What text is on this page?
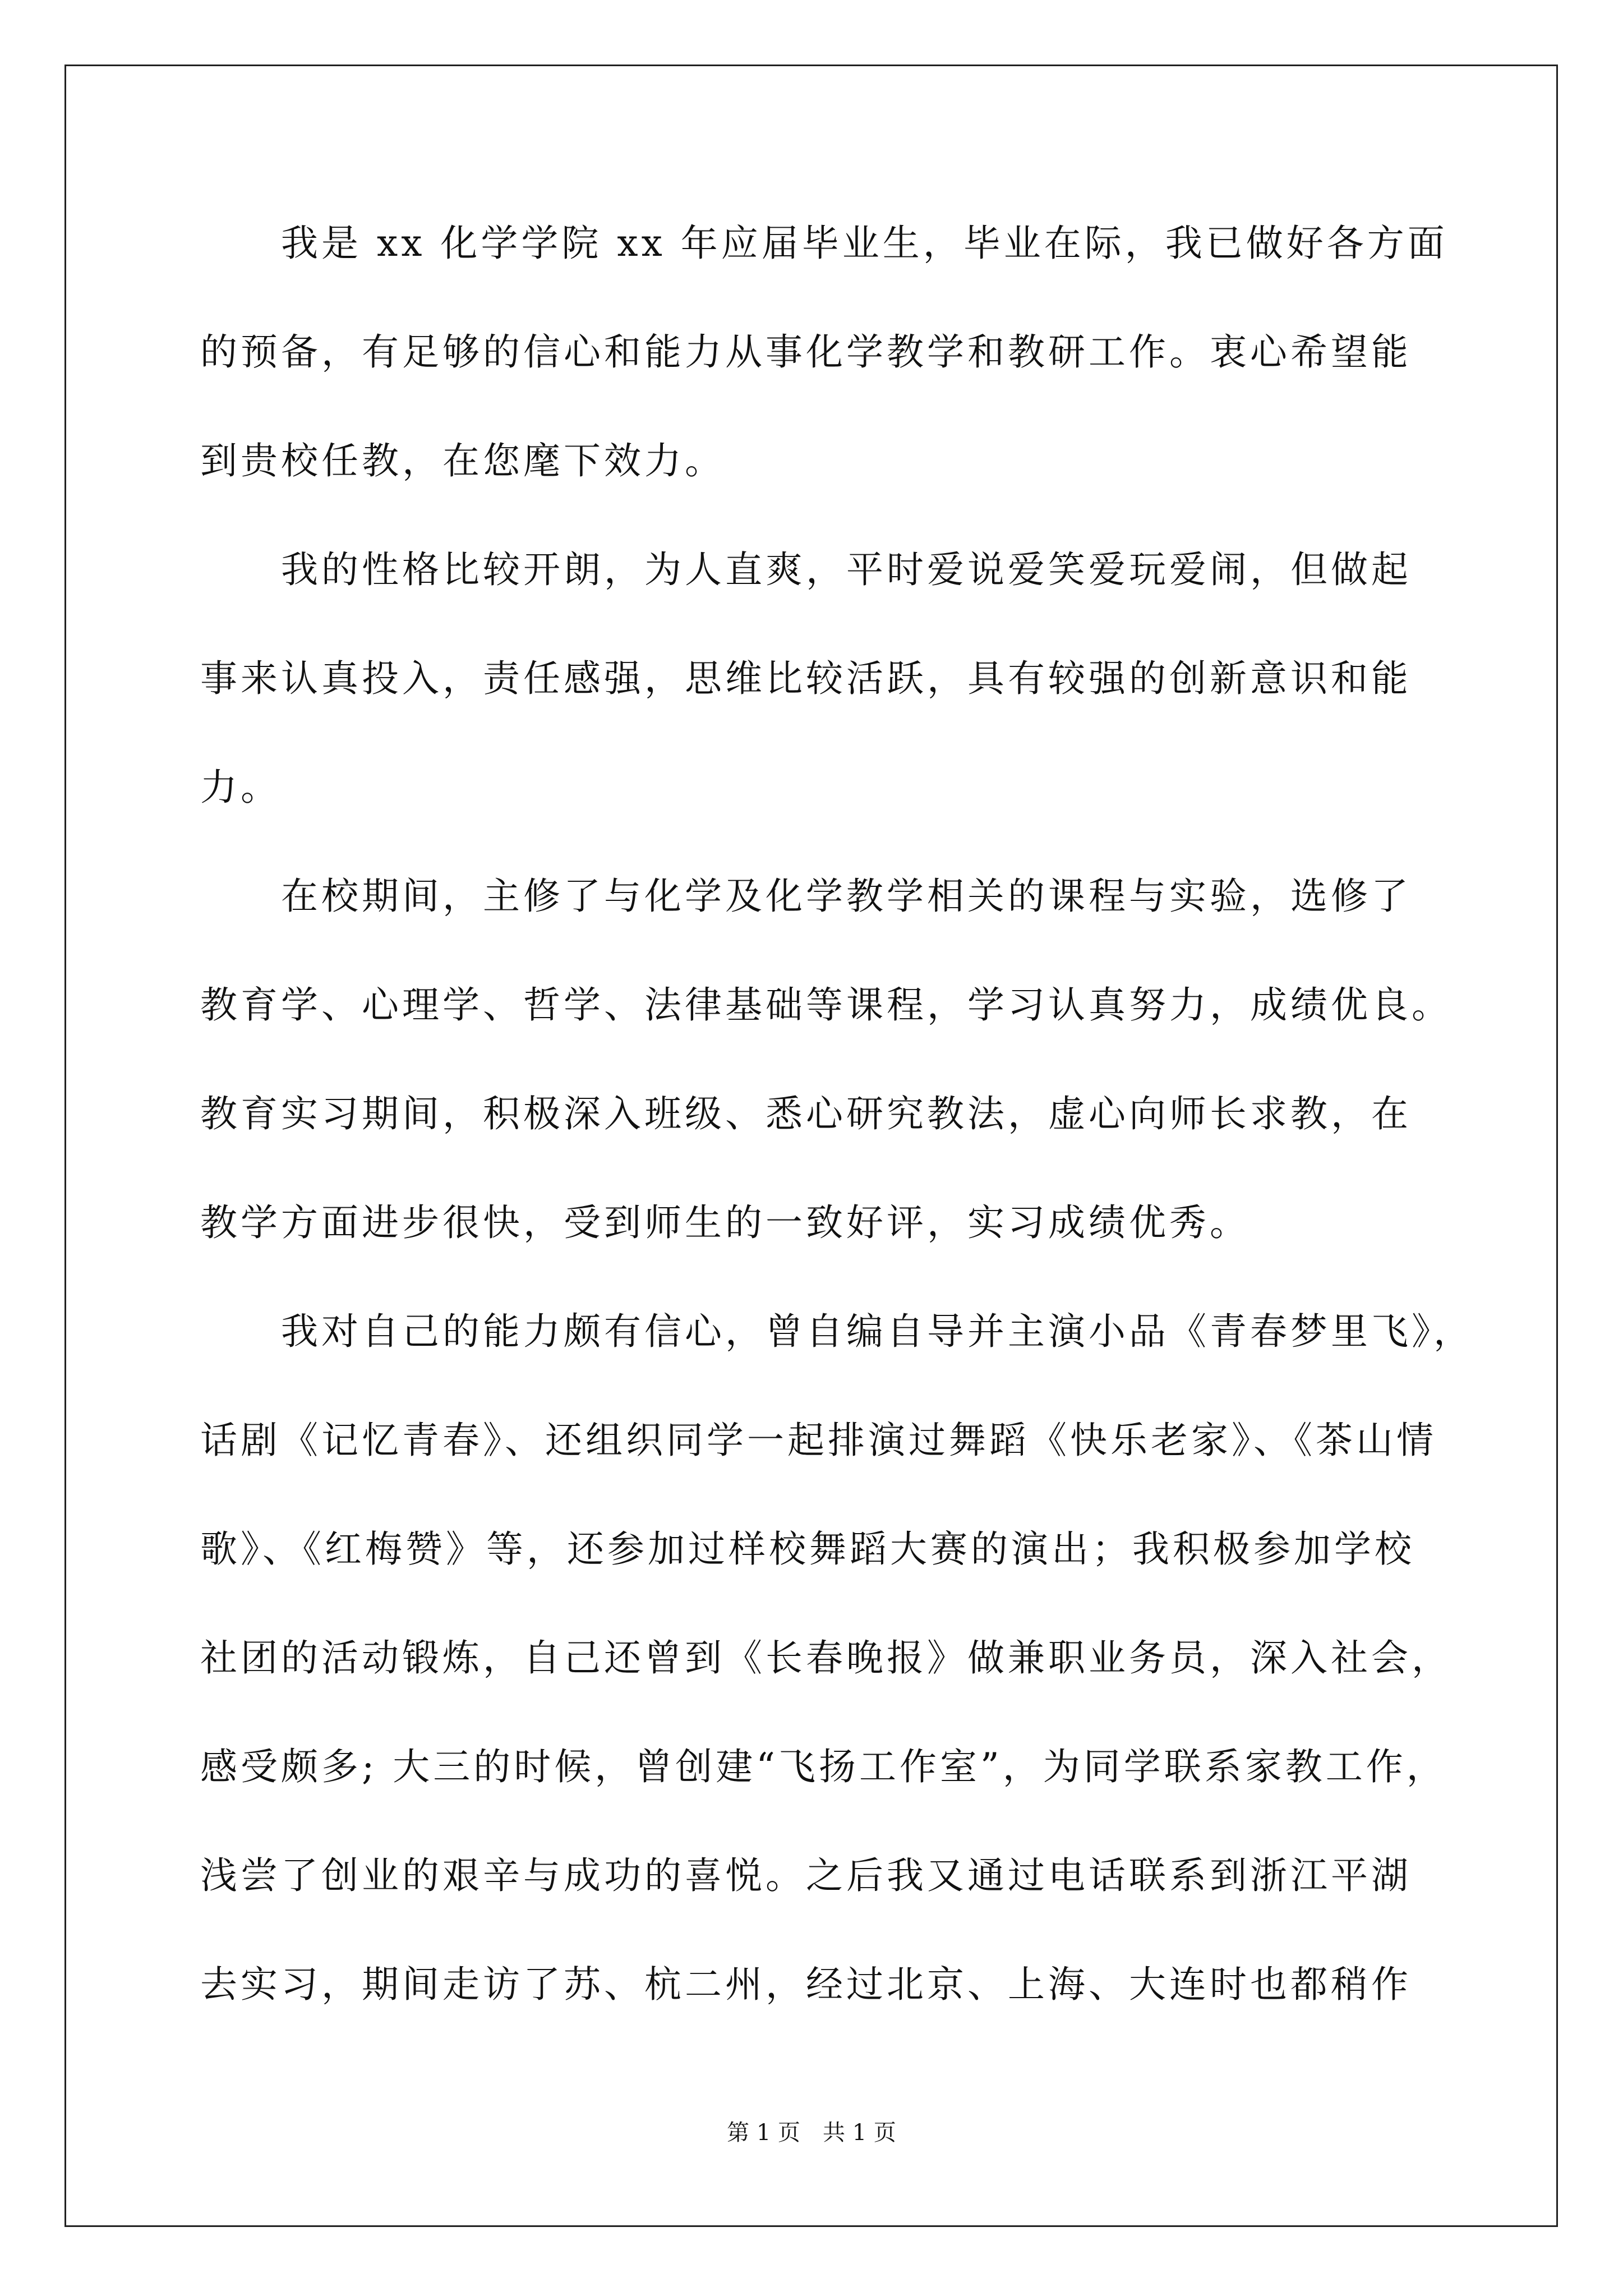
我是 xx 化学学院 xx 年应届毕业生，毕业在际，我已做好各方面
的预备，有足够的信心和能力从事化学教学和教研工作。衷心希望能
到贵校任教，在您麾下效力。
我的性格比较开朗，为人直爽，平时爱说爱笑爱玩爱闹，但做起
事来认真投入，责任感强，思维比较活跃，具有较强的创新意识和能
力。
在校期间，主修了与化学及化学教学相关的课程与实验，选修了
教育学、心理学、哲学、法律基础等课程，学习认真努力，成绩优良。
教育实习期间，积极深入班级、悉心研究教法，虚心向师长求教，在
教学方面进步很快，受到师生的一致好评，实习成绩优秀。
我对自己的能力颇有信心，曾自编自导并主演小品《青春梦里飞》，
话剧《记忆青春》、还组织同学一起排演过舞蹈《快乐老家》、《茶山情
歌》、《红梅赞》等，还参加过样校舞蹈大赛的演出；我积极参加学校
社团的活动锻炼，自己还曾到《长春晚报》做兼职业务员，深入社会，
感受颇多; 大三的时候，曾创建“飞扬工作室”，为同学联系家教工作，
浅尝了创业的艰辛与成功的喜悦。之后我又通过电话联系到浙江平湖
去实习，期间走访了苏、杭二州，经过北京、上海、大连时也都稍作
第 1 页 共 1 页
